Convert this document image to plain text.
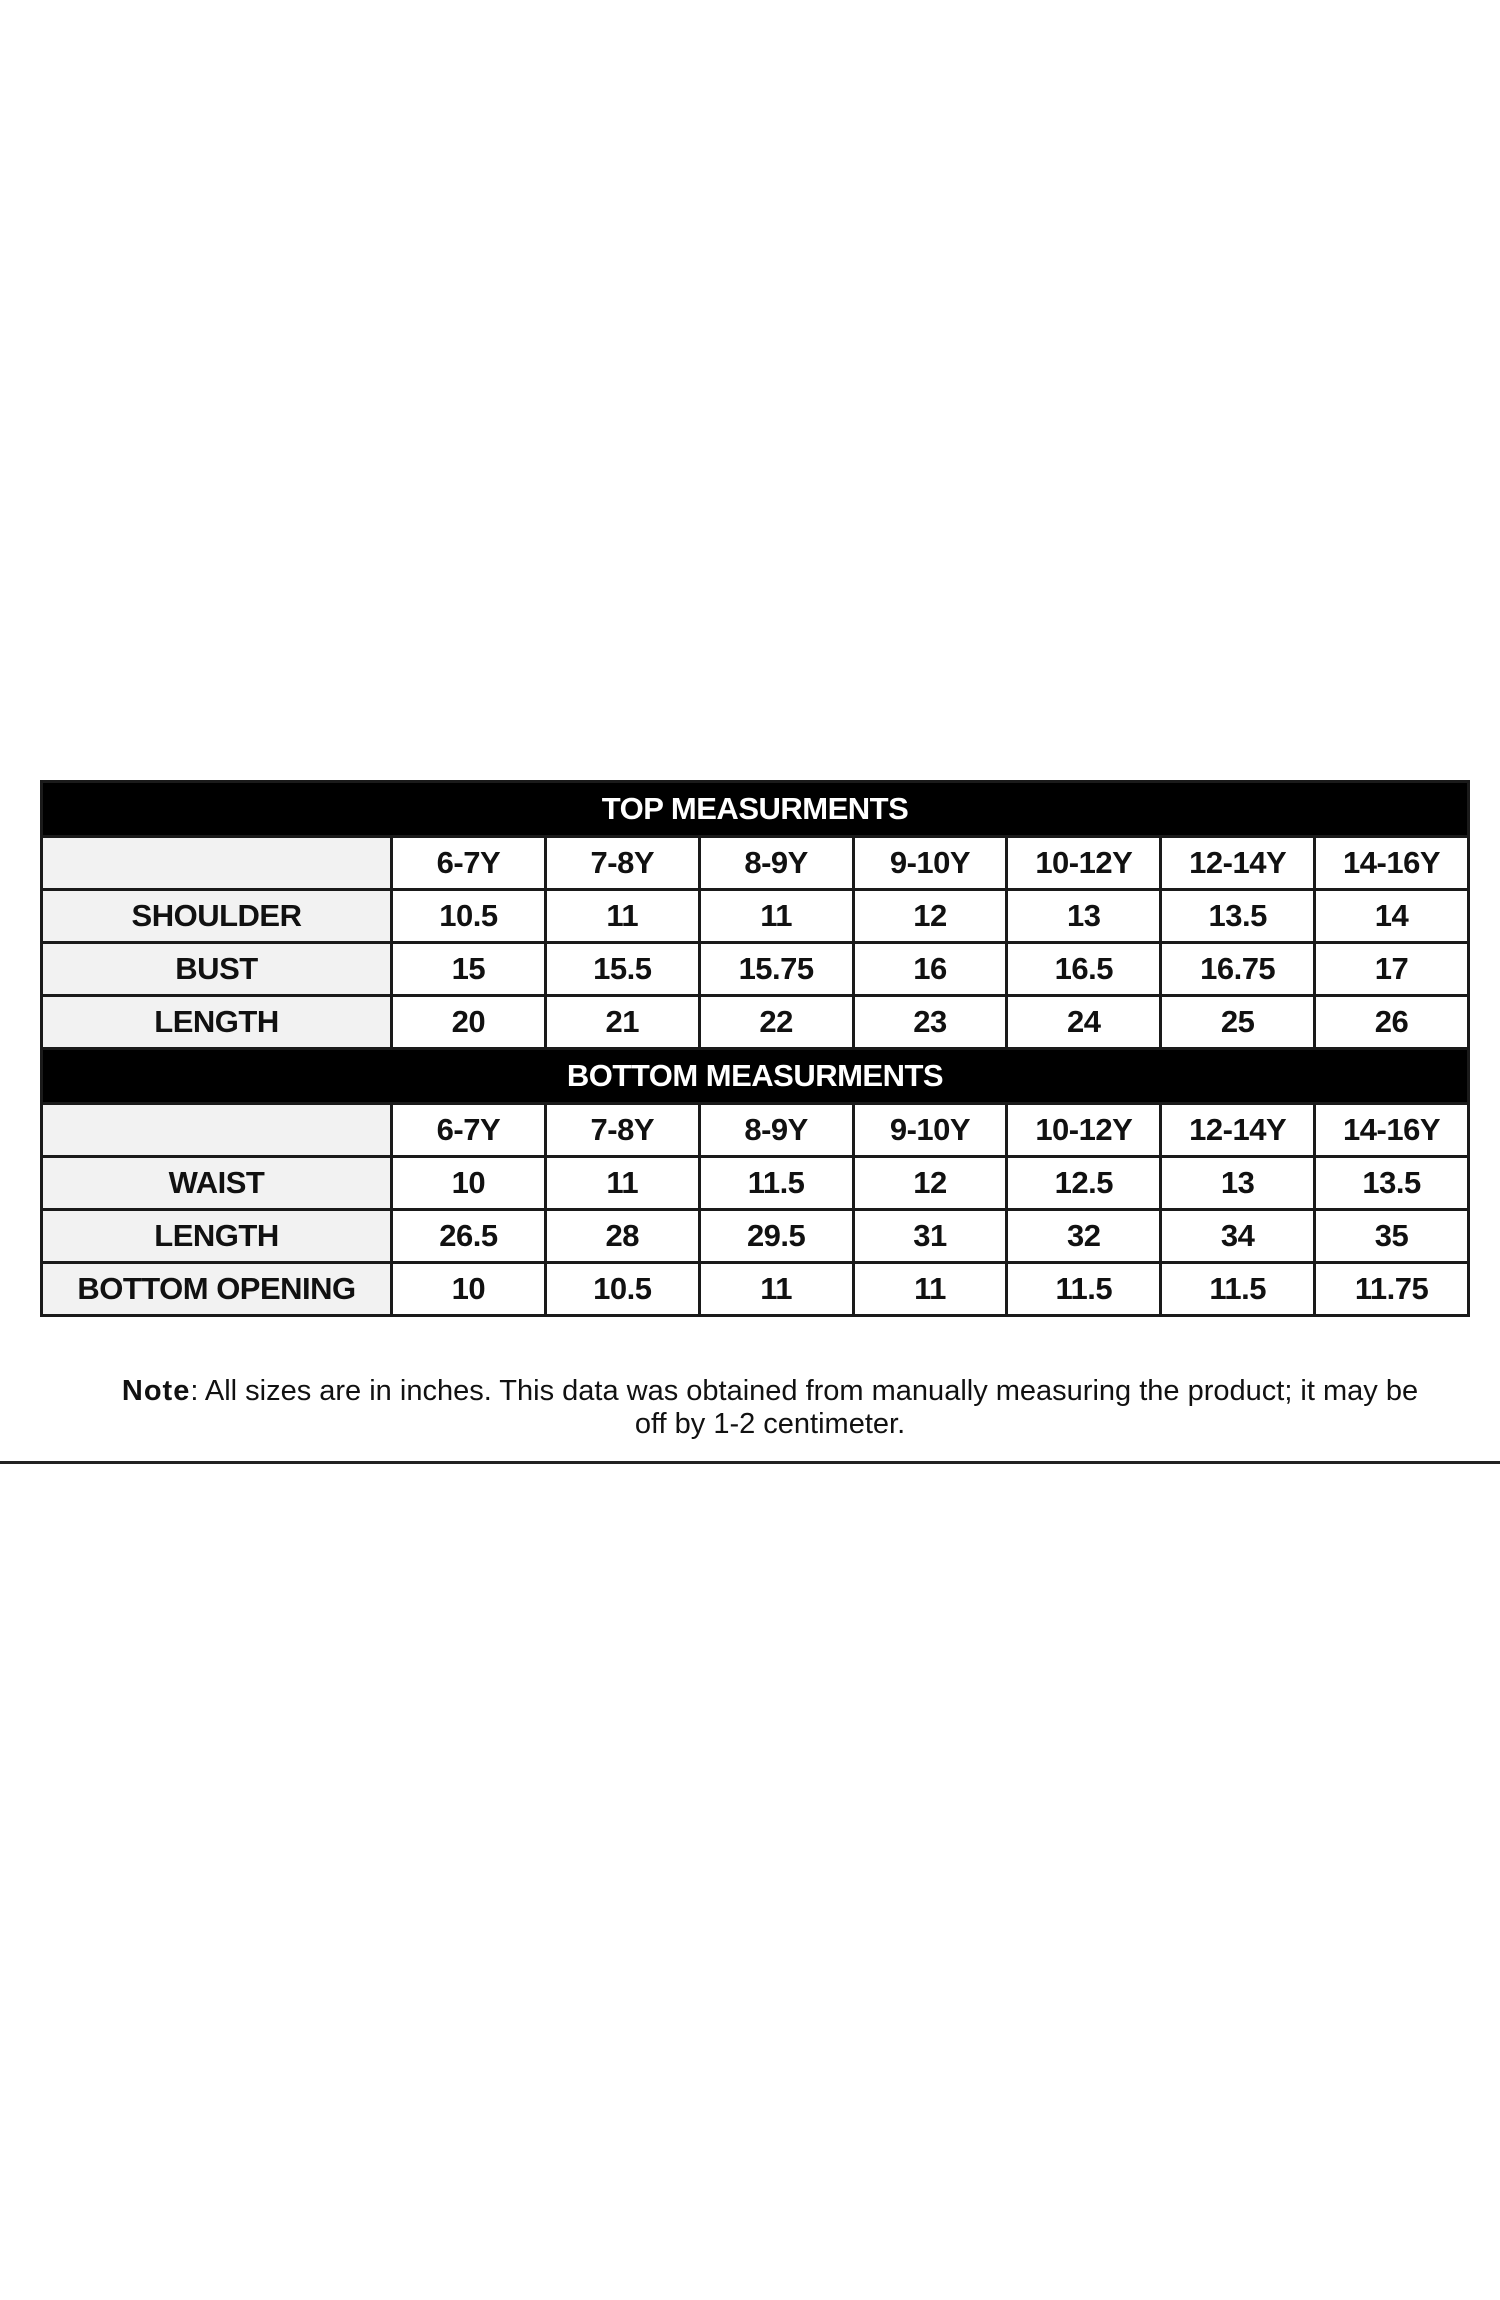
TOP MEASURMENTS							
	6-7Y	7-8Y	8-9Y	9-10Y	10-12Y	12-14Y	14-16Y
SHOULDER	10.5	11	11	12	13	13.5	14
BUST	15	15.5	15.75	16	16.5	16.75	17
LENGTH	20	21	22	23	24	25	26
BOTTOM MEASURMENTS							
	6-7Y	7-8Y	8-9Y	9-10Y	10-12Y	12-14Y	14-16Y
WAIST	10	11	11.5	12	12.5	13	13.5
LENGTH	26.5	28	29.5	31	32	34	35
BOTTOM OPENING	10	10.5	11	11	11.5	11.5	11.75
Note: All sizes are in inches. This data was obtained from manually measuring the product; it may be off by 1-2 centimeter.
